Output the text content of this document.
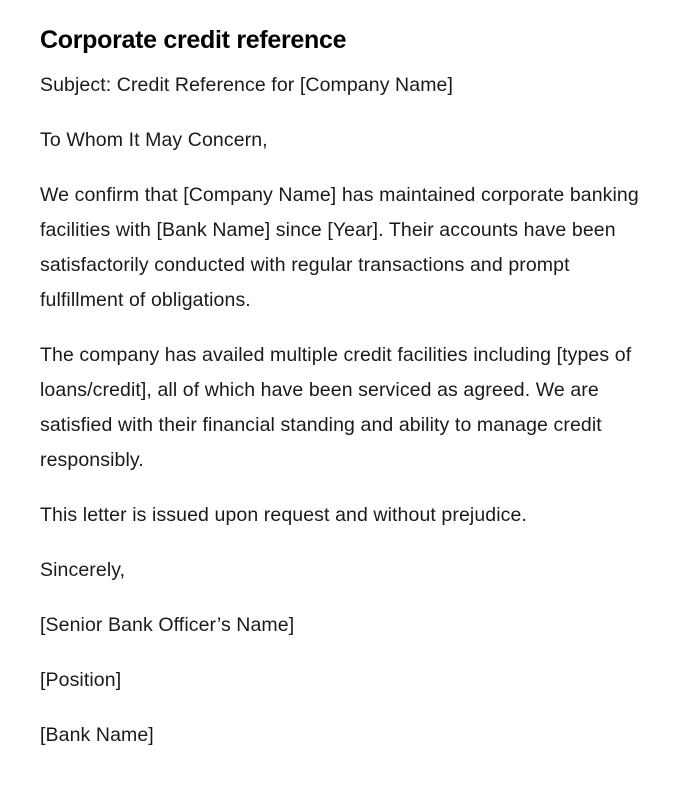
Corporate credit reference

Subject: Credit Reference for [Company Name]

To Whom It May Concern,

We confirm that [Company Name] has maintained corporate banking facilities with [Bank Name] since [Year]. Their accounts have been satisfactorily conducted with regular transactions and prompt fulfillment of obligations.

The company has availed multiple credit facilities including [types of loans/credit], all of which have been serviced as agreed. We are satisfied with their financial standing and ability to manage credit responsibly.

This letter is issued upon request and without prejudice.

Sincerely,

[Senior Bank Officer’s Name]

[Position]

[Bank Name]
